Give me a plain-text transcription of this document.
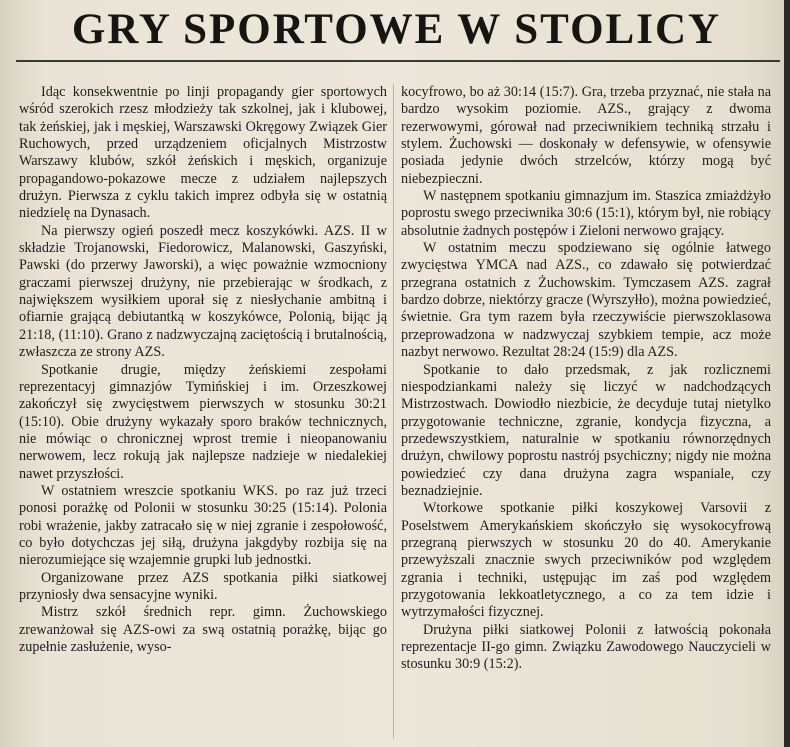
GRY SPORTOWE W STOLICY

Idąc konsekwentnie po linji propagandy gier sportowych wśród szerokich rzesz młodzieży tak szkolnej, jak i klubowej, tak żeńskiej, jak i męskiej, Warszawski Okręgowy Związek Gier Ruchowych, przed urządzeniem oficjalnych Mistrzostw Warszawy klubów, szkół żeńskich i męskich, organizuje propagandowo-pokazowe mecze z udziałem najlepszych drużyn. Pierwsza z cyklu takich imprez odbyła się w ostatnią niedzielę na Dynasach.

Na pierwszy ogień poszedł mecz koszykówki. AZS. II w składzie Trojanowski, Fiedorowicz, Malanowski, Gaszyński, Pawski (do przerwy Jaworski), a więc poważnie wzmocniony graczami pierwszej drużyny, nie przebierając w środkach, z największem wysiłkiem uporał się z niesłychanie ambitną i ofiarnie grającą debiutantką w koszykówce, Polonią, bijąc ją 21:18, (11:10). Grano z nadzwyczajną zaciętością i brutalnością, zwłaszcza ze strony AZS.

Spotkanie drugie, między żeńskiemi zespołami reprezentacyj gimnazjów Tymińskiej i im. Orzeszkowej zakończył się zwycięstwem pierwszych w stosunku 30:21 (15:10). Obie drużyny wykazały sporo braków technicznych, nie mówiąc o chronicznej wprost tremie i nieopanowaniu nerwowem, lecz rokują jak najlepsze nadzieje w niedalekiej nawet przyszłości.

W ostatniem wreszcie spotkaniu WKS. po raz już trzeci ponosi porażkę od Polonii w stosunku 30:25 (15:14). Polonia robi wrażenie, jakby zatracało się w niej zgranie i zespołowość, co było dotychczas jej siłą, drużyna jakgdyby rozbija się na nierozumiejące się wzajemnie grupki lub jednostki.

Organizowane przez AZS spotkania piłki siatkowej przyniosły dwa sensacyjne wyniki.

Mistrz szkół średnich repr. gimn. Żuchowskiego zrewanżował się AZS-owi za swą ostatnią porażkę, bijąc go zupełnie zasłużenie, wyso-

kocyfrowo, bo aż 30:14 (15:7). Gra, trzeba przyznać, nie stała na bardzo wysokim poziomie. AZS., grający z dwoma rezerwowymi, górował nad przeciwnikiem techniką strzału i stylem. Żuchowski — doskonały w defensywie, w ofensywie posiada jedynie dwóch strzelców, którzy mogą być niebezpieczni.

W następnem spotkaniu gimnazjum im. Staszica zmiażdżyło poprostu swego przeciwnika 30:6 (15:1), którym był, nie robiący absolutnie żadnych postępów i Zieloni nerwowo grający.

W ostatnim meczu spodziewano się ogólnie łatwego zwycięstwa YMCA nad AZS., co zdawało się potwierdzać przegrana ostatnich z Żuchowskim. Tymczasem AZS. zagrał bardzo dobrze, niektórzy gracze (Wyrszyłło), można powiedzieć, świetnie. Gra tym razem była rzeczywiście pierwszoklasowa przeprowadzona w nadzwyczaj szybkiem tempie, acz może nazbyt nerwowo. Rezultat 28:24 (15:9) dla AZS.

Spotkanie to dało przedsmak, z jak rozlicznemi niespodziankami należy się liczyć w nadchodzących Mistrzostwach. Dowiodło niezbicie, że decyduje tutaj nietylko przygotowanie techniczne, zgranie, kondycja fizyczna, a przedewszystkiem, naturalnie w spotkaniu równorzędnych drużyn, chwilowy poprostu nastrój psychiczny; nigdy nie można powiedzieć czy dana drużyna zagra wspaniale, czy beznadziejnie.

Wtorkowe spotkanie piłki koszykowej Varsovii z Poselstwem Amerykańskiem skończyło się wysokocyfrową przegraną pierwszych w stosunku 20 do 40. Amerykanie przewyższali znacznie swych przeciwników pod względem zgrania i techniki, ustępując im zaś pod względem przygotowania lekkoatletycznego, a co za tem idzie i wytrzymałości fizycznej.

Drużyna piłki siatkowej Polonii z łatwością pokonała reprezentacje II-go gimn. Związku Zawodowego Nauczycieli w stosunku 30:9 (15:2).
